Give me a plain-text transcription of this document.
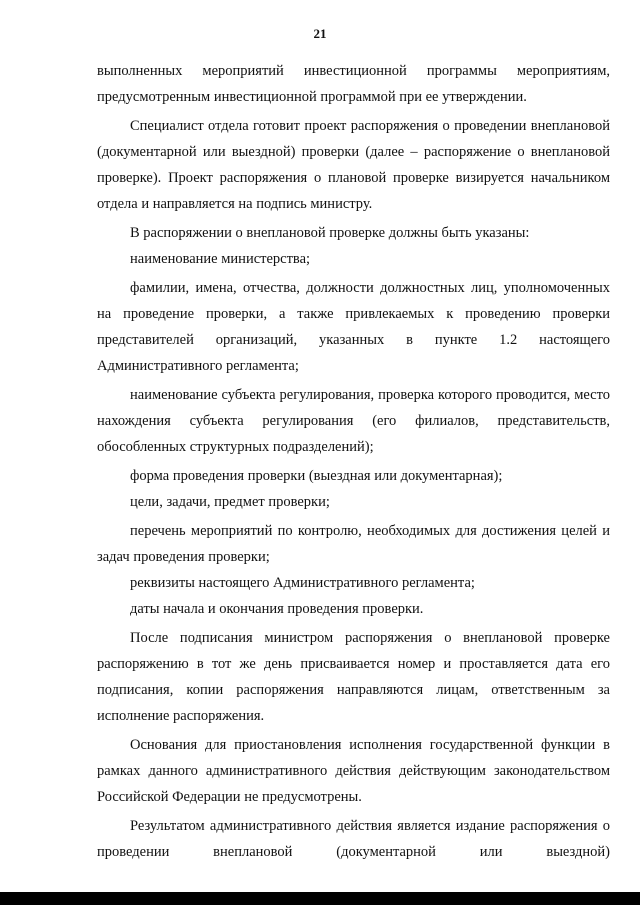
21

выполненных мероприятий инвестиционной программы мероприятиям, предусмотренным инвестиционной программой при ее утверждении.

Специалист отдела готовит проект распоряжения о проведении внеплановой (документарной или выездной) проверки (далее – распоряжение о внеплановой проверке). Проект распоряжения о плановой проверке визируется начальником отдела и направляется на подпись министру.

В распоряжении о внеплановой проверке должны быть указаны:

наименование министерства;

фамилии, имена, отчества, должности должностных лиц, уполномоченных на проведение проверки, а также привлекаемых к проведению проверки представителей организаций, указанных в пункте 1.2 настоящего Административного регламента;

наименование субъекта регулирования, проверка которого проводится, место нахождения субъекта регулирования (его филиалов, представительств, обособленных структурных подразделений);

форма проведения проверки (выездная или документарная);

цели, задачи, предмет проверки;

перечень мероприятий по контролю, необходимых для достижения целей и задач проведения проверки;

реквизиты настоящего Административного регламента;

даты начала и окончания проведения проверки.

После подписания министром распоряжения о внеплановой проверке распоряжению в тот же день присваивается номер и проставляется дата его подписания, копии распоряжения направляются лицам, ответственным за исполнение распоряжения.

Основания для приостановления исполнения государственной функции в рамках данного административного действия действующим законодательством Российской Федерации не предусмотрены.

Результатом административного действия является издание распоряжения о проведении внеплановой (документарной или выездной)
